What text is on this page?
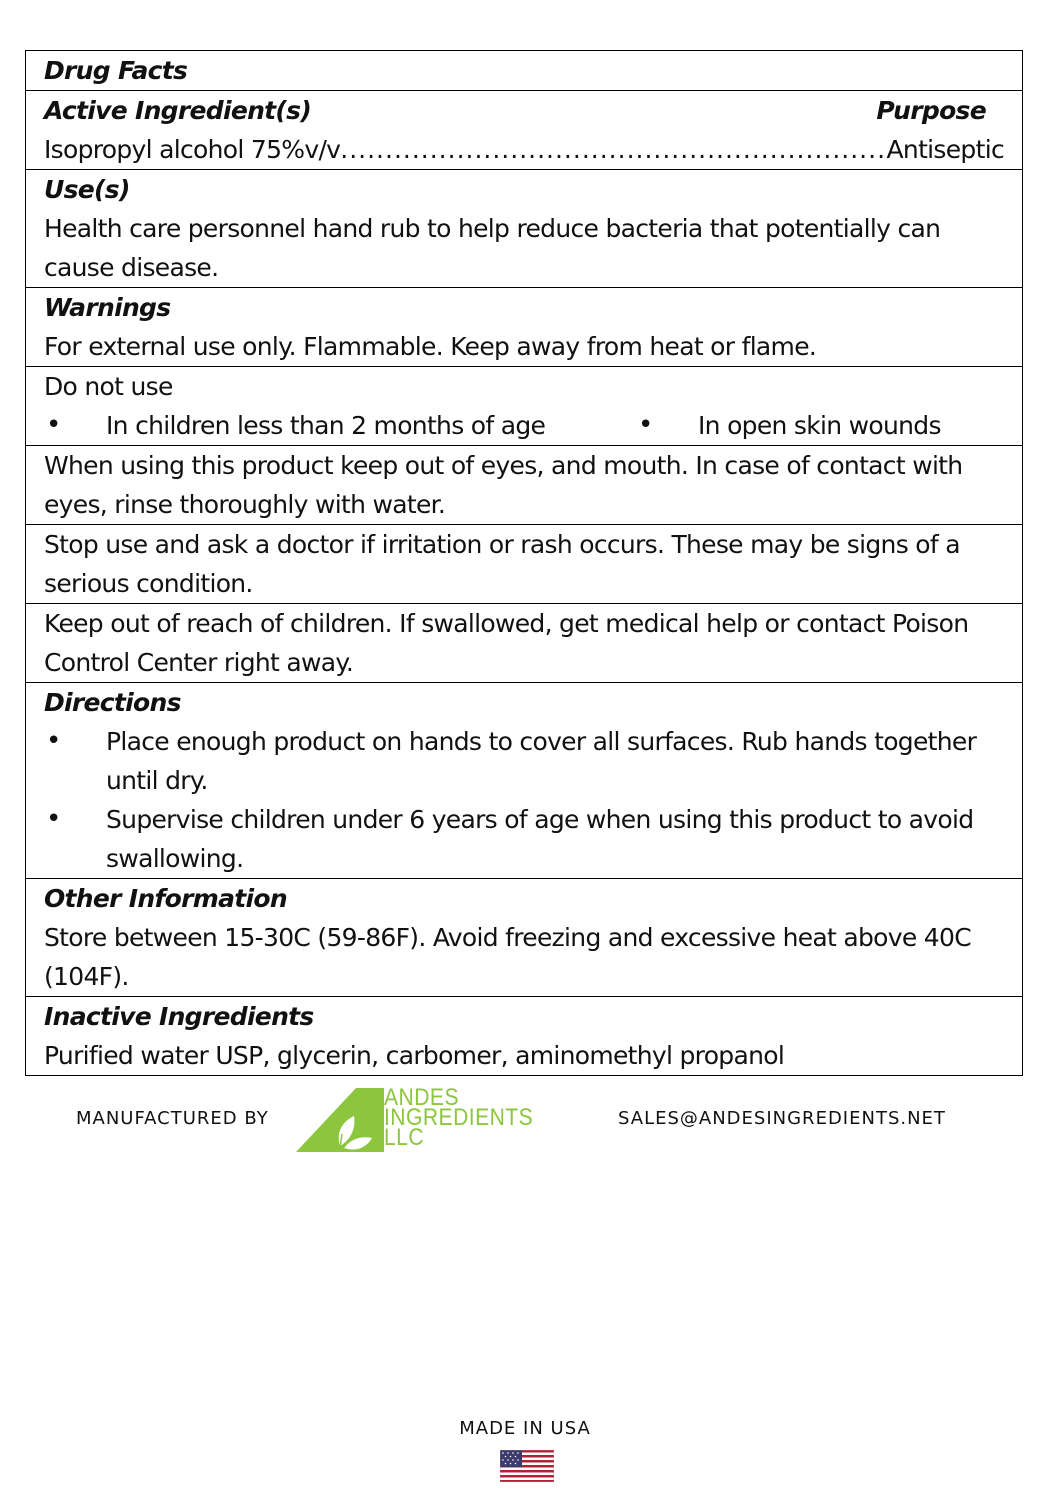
Drug Facts
Active Ingredient(s)	Purpose
Isopropyl alcohol 75%v/v .....	Antiseptic
Use(s)
Health care personnel hand rub to help reduce bacteria that potentially can cause disease.
Warnings
For external use only. Flammable. Keep away from heat or flame.
Do not use
• In children less than 2 months of age	• In open skin wounds
When using this product keep out of eyes, and mouth. In case of contact with eyes, rinse thoroughly with water.
Stop use and ask a doctor if irritation or rash occurs. These may be signs of a serious condition.
Keep out of reach of children. If swallowed, get medical help or contact Poison Control Center right away.
Directions
• Place enough product on hands to cover all surfaces. Rub hands together until dry.
• Supervise children under 6 years of age when using this product to avoid swallowing.
Other Information
Store between 15-30C (59-86F). Avoid freezing and excessive heat above 40C (104F).
Inactive Ingredients
Purified water USP, glycerin, carbomer, aminomethyl propanol
MANUFACTURED BY
ANDES
INGREDIENTS
LLC
SALES@ANDESINGREDIENTS.NET
MADE IN USA
